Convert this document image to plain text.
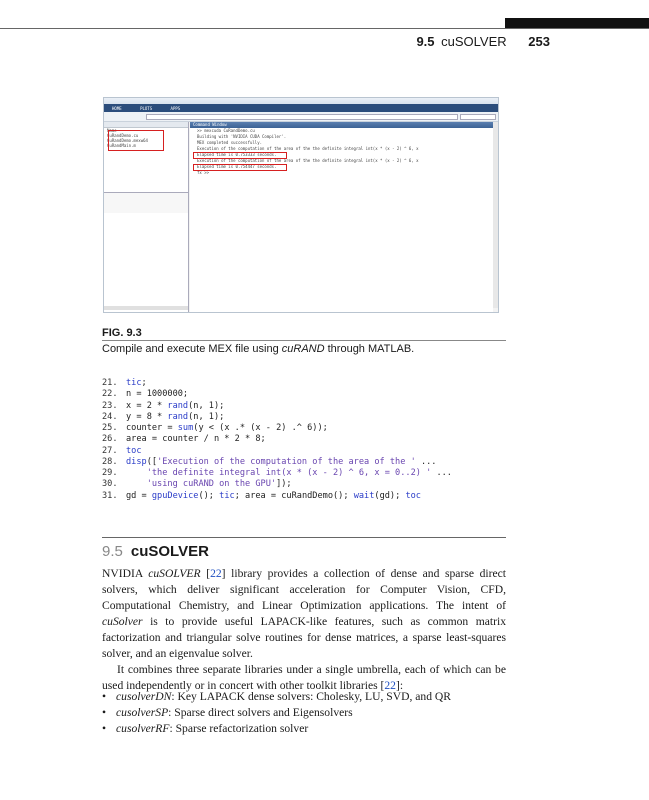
9.5 cuSOLVER 253
HOME	PLOTS	APPS
Name
CuRandDemo.cu
CuRandDemo.mexw64
CuRandMain.m
Command Window
>> mexcuda CuRandDemo.cu
Building with 'NVIDIA CUDA Compiler'.
MEX completed successfully.
Execution of the computation of the area of the the definite integral int(x * (x - 2) ^ 6, x
Elapsed time is 0.753333 seconds.
Execution of the computation of the area of the the definite integral int(x * (x - 2) ^ 6, x
Elapsed time is 0.754447 seconds.
fx >>
FIG. 9.3
Compile and execute MEX file using cuRAND through MATLAB.
21. tic;
22. n = 1000000;
23. x = 2 * rand(n, 1);
24. y = 8 * rand(n, 1);
25. counter = sum(y < (x .* (x - 2) .^ 6));
26. area = counter / n * 2 * 8;
27. toc
28. disp(['Execution of the computation of the area of the ' ...
29.	'the definite integral int(x * (x - 2) ^ 6, x = 0..2) ' ...
30.	'using cuRAND on the GPU']);
31. gd = gpuDevice(); tic; area = cuRandDemo(); wait(gd); toc
9.5 cuSOLVER

NVIDIA cuSOLVER [22] library provides a collection of dense and sparse direct solvers, which deliver significant acceleration for Computer Vision, CFD, Computational Chemistry, and Linear Optimization applications. The intent of cuSolver is to provide useful LAPACK-like features, such as common matrix factorization and triangular solve routines for dense matrices, a sparse least-squares solver, and an eigenvalue solver.

It combines three separate libraries under a single umbrella, each of which can be used independently or in concert with other toolkit libraries [22]:

• cusolverDN: Key LAPACK dense solvers: Cholesky, LU, SVD, and QR
• cusolverSP: Sparse direct solvers and Eigensolvers
• cusolverRF: Sparse refactorization solver
